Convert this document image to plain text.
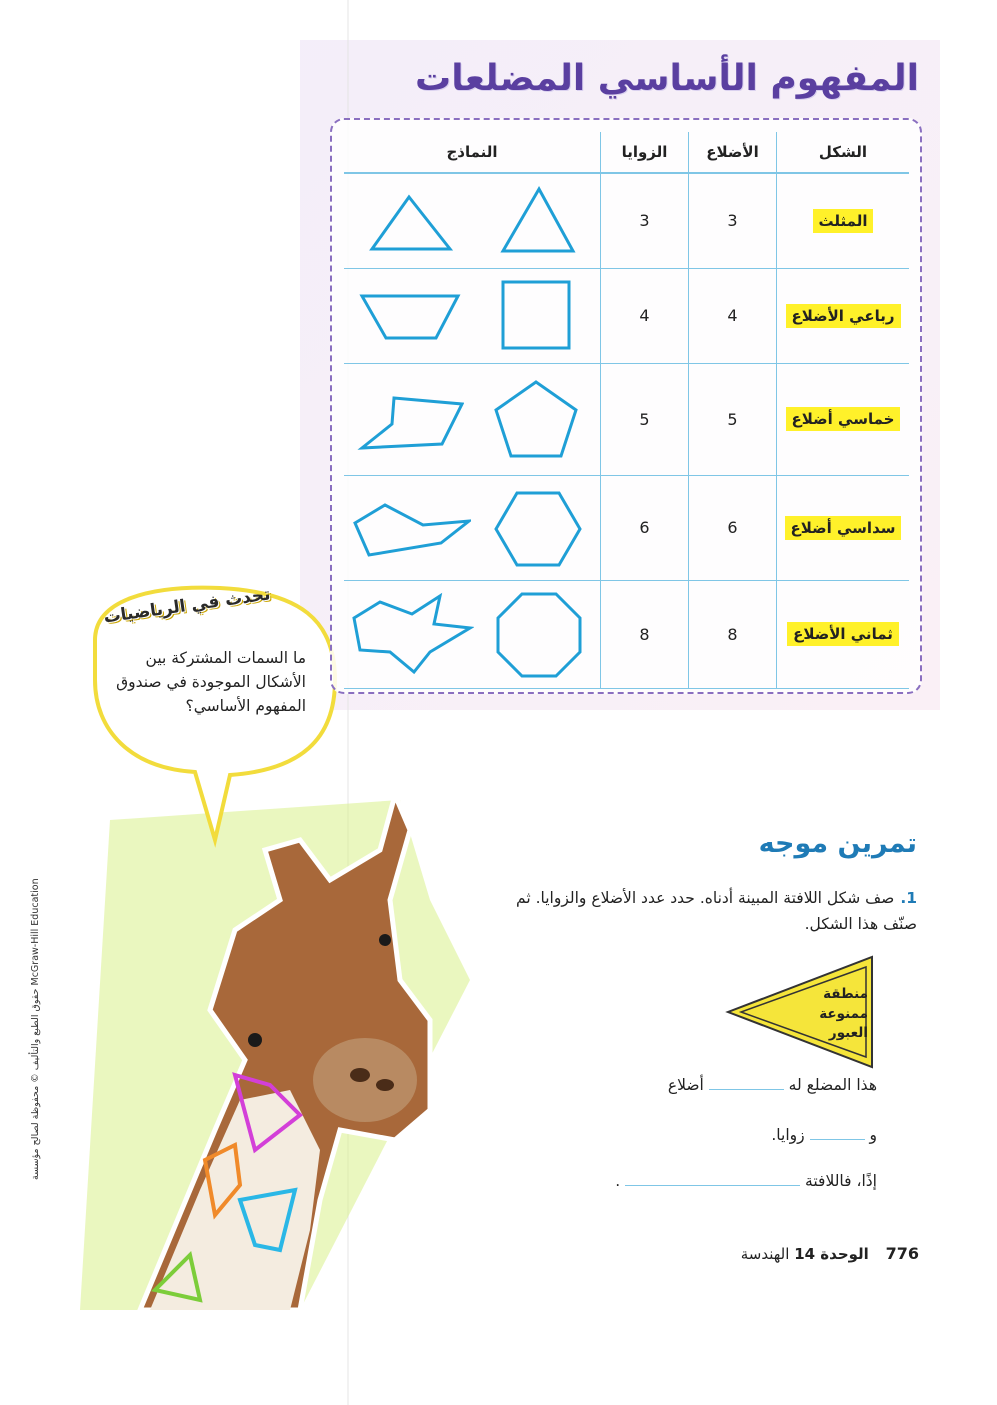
المفهوم الأساسي المضلعات
الشكل	الأضلاع	الزوايا	النماذج
المثلث	3	3	

رباعي الأضلاع	4	4	

خماسي أضلاع	5	5	

سداسي أضلاع	6	6	

ثماني الأضلاع	8	8	
تحدث في الرياضيات
ما السمات المشتركة بين الأشكال الموجودة في صندوق المفهوم الأساسي؟
تمرين موجه
1.صف شكل اللافتة المبينة أدناه. حدد عدد الأضلاع والزوايا. ثم صنّف هذا الشكل.
منطقة
ممنوعة العبور
هذا المضلع له  أضلاع
و  زوايا.
إذًا، فاللافتة  .
776 الوحدة 14 الهندسة
حقوق الطبع والتأليف © محفوظة لصالح مؤسسة McGraw-Hill Education
